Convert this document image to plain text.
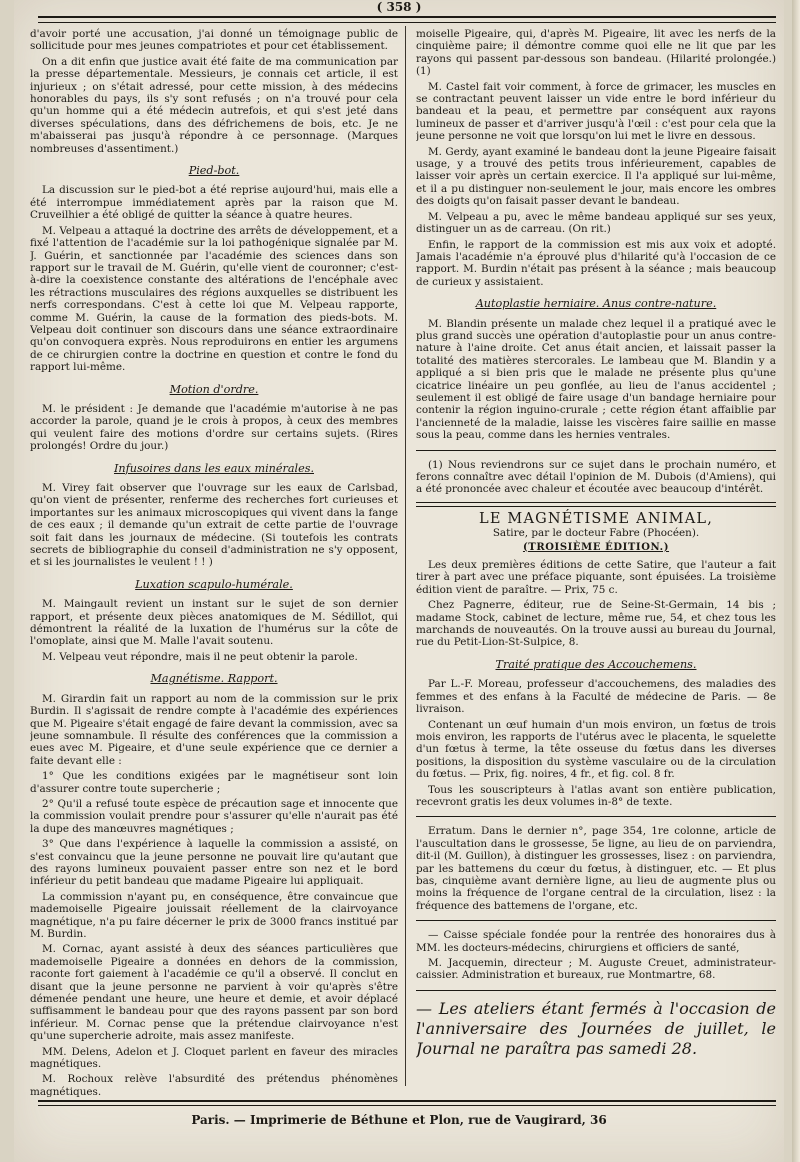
( 358 )

d'avoir porté une accusation, j'ai donné un témoignage public de sollicitude pour mes jeunes compatriotes et pour cet établissement.

On a dit enfin que justice avait été faite de ma communication par la presse départementale. Messieurs, je connais cet article, il est injurieux ; on s'était adressé, pour cette mission, à des médecins honorables du pays, ils s'y sont refusés ; on n'a trouvé pour cela qu'un homme qui a été médecin autrefois, et qui s'est jeté dans diverses spéculations, dans des défrichemens de bois, etc. Je ne m'abaisserai pas jusqu'à répondre à ce personnage. (Marques nombreuses d'assentiment.)

Pied-bot.

La discussion sur le pied-bot a été reprise aujourd'hui, mais elle a été interrompue immédiatement après par la raison que M. Cruveilhier a été obligé de quitter la séance à quatre heures.

M. Velpeau a attaqué la doctrine des arrêts de développement, et a fixé l'attention de l'académie sur la loi pathogénique signalée par M. J. Guérin, et sanctionnée par l'académie des sciences dans son rapport sur le travail de M. Guérin, qu'elle vient de couronner; c'est-à-dire la coexistence constante des altérations de l'encéphale avec les rétractions musculaires des régions auxquelles se distribuent les nerfs correspondans. C'est à cette loi que M. Velpeau rapporte, comme M. Guérin, la cause de la formation des pieds-bots. M. Velpeau doit continuer son discours dans une séance extraordinaire qu'on convoquera exprès. Nous reproduirons en entier les argumens de ce chirurgien contre la doctrine en question et contre le fond du rapport lui-même.

Motion d'ordre.

M. le président : Je demande que l'académie m'autorise à ne pas accorder la parole, quand je le crois à propos, à ceux des membres qui veulent faire des motions d'ordre sur certains sujets. (Rires prolongés! Ordre du jour.)

Infusoires dans les eaux minérales.

M. Virey fait observer que l'ouvrage sur les eaux de Carlsbad, qu'on vient de présenter, renferme des recherches fort curieuses et importantes sur les animaux microscopiques qui vivent dans la fange de ces eaux ; il demande qu'un extrait de cette partie de l'ouvrage soit fait dans les journaux de médecine. (Si toutefois les contrats secrets de bibliographie du conseil d'administration ne s'y opposent, et si les journalistes le veulent ! ! )

Luxation scapulo-humérale.

M. Maingault revient un instant sur le sujet de son dernier rapport, et présente deux pièces anatomiques de M. Sédillot, qui démontrent la réalité de la luxation de l'humérus sur la côte de l'omoplate, ainsi que M. Malle l'avait soutenu.

M. Velpeau veut répondre, mais il ne peut obtenir la parole.

Magnétisme. Rapport.

M. Girardin fait un rapport au nom de la commission sur le prix Burdin. Il s'agissait de rendre compte à l'académie des expériences que M. Pigeaire s'était engagé de faire devant la commission, avec sa jeune somnambule. Il résulte des conférences que la commission a eues avec M. Pigeaire, et d'une seule expérience que ce dernier a faite devant elle :

1° Que les conditions exigées par le magnétiseur sont loin d'assurer contre toute supercherie ;

2° Qu'il a refusé toute espèce de précaution sage et innocente que la commission voulait prendre pour s'assurer qu'elle n'aurait pas été la dupe des manœuvres magnétiques ;

3° Que dans l'expérience à laquelle la commission a assisté, on s'est convaincu que la jeune personne ne pouvait lire qu'autant que des rayons lumineux pouvaient passer entre son nez et le bord inférieur du petit bandeau que madame Pigeaire lui appliquait.

La commission n'ayant pu, en conséquence, être convaincue que mademoiselle Pigeaire jouissait réellement de la clairvoyance magnétique, n'a pu faire décerner le prix de 3000 francs institué par M. Burdin.

M. Cornac, ayant assisté à deux des séances particulières que mademoiselle Pigeaire a données en dehors de la commission, raconte fort gaiement à l'académie ce qu'il a observé. Il conclut en disant que la jeune personne ne parvient à voir qu'après s'être démenée pendant une heure, une heure et demie, et avoir déplacé suffisamment le bandeau pour que des rayons passent par son bord inférieur. M. Cornac pense que la prétendue clairvoyance n'est qu'une supercherie adroite, mais assez manifeste.

MM. Delens, Adelon et J. Cloquet parlent en faveur des miracles magnétiques.

M. Rochoux relève l'absurdité des prétendus phénomènes magnétiques.

moiselle Pigeaire, qui, d'après M. Pigeaire, lit avec les nerfs de la cinquième paire; il démontre comme quoi elle ne lit que par les rayons qui passent par-dessous son bandeau. (Hilarité prolongée.) (1)

M. Castel fait voir comment, à force de grimacer, les muscles en se contractant peuvent laisser un vide entre le bord inférieur du bandeau et la peau, et permettre par conséquent aux rayons lumineux de passer et d'arriver jusqu'à l'œil : c'est pour cela que la jeune personne ne voit que lorsqu'on lui met le livre en dessous.

M. Gerdy, ayant examiné le bandeau dont la jeune Pigeaire faisait usage, y a trouvé des petits trous inférieurement, capables de laisser voir après un certain exercice. Il l'a appliqué sur lui-même, et il a pu distinguer non-seulement le jour, mais encore les ombres des doigts qu'on faisait passer devant le bandeau.

M. Velpeau a pu, avec le même bandeau appliqué sur ses yeux, distinguer un as de carreau. (On rit.)

Enfin, le rapport de la commission est mis aux voix et adopté. Jamais l'académie n'a éprouvé plus d'hilarité qu'à l'occasion de ce rapport. M. Burdin n'était pas présent à la séance ; mais beaucoup de curieux y assistaient.

Autoplastie herniaire. Anus contre-nature.

M. Blandin présente un malade chez lequel il a pratiqué avec le plus grand succès une opération d'autoplastie pour un anus contre-nature à l'aine droite. Cet anus était ancien, et laissait passer la totalité des matières stercorales. Le lambeau que M. Blandin y a appliqué a si bien pris que le malade ne présente plus qu'une cicatrice linéaire un peu gonflée, au lieu de l'anus accidentel ; seulement il est obligé de faire usage d'un bandage herniaire pour contenir la région inguino-crurale ; cette région étant affaiblie par l'ancienneté de la maladie, laisse les viscères faire saillie en masse sous la peau, comme dans les hernies ventrales.

(1) Nous reviendrons sur ce sujet dans le prochain numéro, et ferons connaître avec détail l'opinion de M. Dubois (d'Amiens), qui a été prononcée avec chaleur et écoutée avec beaucoup d'intérêt.

LE MAGNÉTISME ANIMAL,
Satire, par le docteur Fabre (Phocéen).
(TROISIÈME ÉDITION.)

Les deux premières éditions de cette Satire, que l'auteur a fait tirer à part avec une préface piquante, sont épuisées. La troisième édition vient de paraître. — Prix, 75 c.

Chez Pagnerre, éditeur, rue de Seine-St-Germain, 14 bis ; madame Stock, cabinet de lecture, même rue, 54, et chez tous les marchands de nouveautés. On la trouve aussi au bureau du Journal, rue du Petit-Lion-St-Sulpice, 8.

Traité pratique des Accouchemens.

Par L.-F. Moreau, professeur d'accouchemens, des maladies des femmes et des enfans à la Faculté de médecine de Paris. — 8e livraison.

Contenant un œuf humain d'un mois environ, un fœtus de trois mois environ, les rapports de l'utérus avec le placenta, le squelette d'un fœtus à terme, la tête osseuse du fœtus dans les diverses positions, la disposition du système vasculaire ou de la circulation du fœtus. — Prix, fig. noires, 4 fr., et fig. col. 8 fr.

Tous les souscripteurs à l'atlas avant son entière publication, recevront gratis les deux volumes in-8° de texte.

Erratum. Dans le dernier n°, page 354, 1re colonne, article de l'auscultation dans le grossesse, 5e ligne, au lieu de on parviendra, dit-il (M. Guillon), à distinguer les grossesses, lisez : on parviendra, par les battemens du cœur du fœtus, à distinguer, etc. — Et plus bas, cinquième avant dernière ligne, au lieu de augmente plus ou moins la fréquence de l'organe central de la circulation, lisez : la fréquence des battemens de l'organe, etc.

— Caisse spéciale fondée pour la rentrée des honoraires dus à MM. les docteurs-médecins, chirurgiens et officiers de santé,

M. Jacquemin, directeur ; M. Auguste Creuet, administrateur-caissier. Administration et bureaux, rue Montmartre, 68.

— Les ateliers étant fermés à l'occasion de l'anniversaire des Journées de juillet, le Journal ne paraîtra pas samedi 28.

Paris. — Imprimerie de Béthune et Plon, rue de Vaugirard, 36
